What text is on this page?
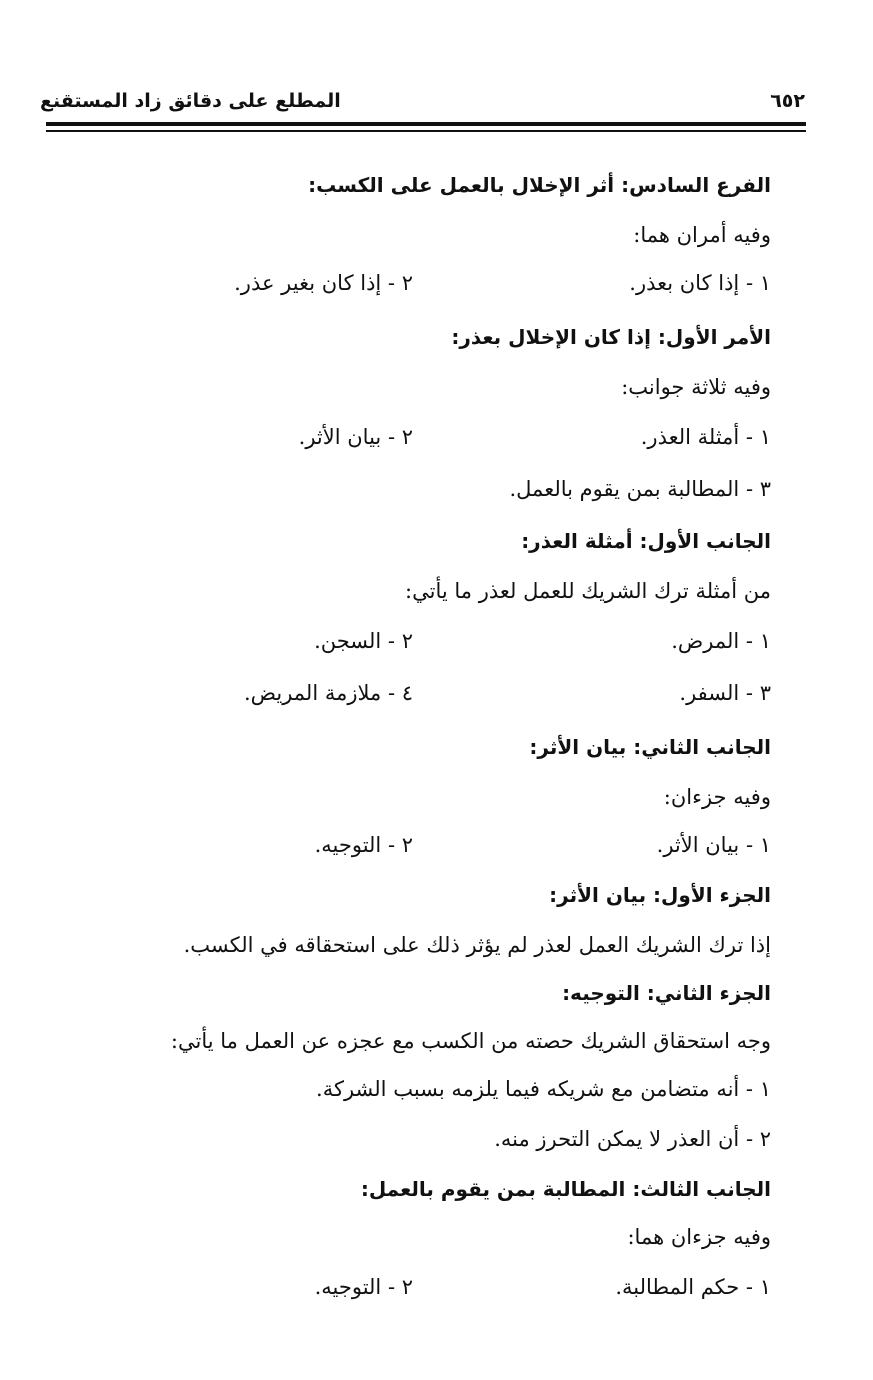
المطلع على دقائق زاد المستقنع	٦٥٢
الفرع السادس: أثر الإخلال بالعمل على الكسب:
وفيه أمران هما:
١ - إذا كان بعذر.
٢ - إذا كان بغير عذر.
الأمر الأول: إذا كان الإخلال بعذر:
وفيه ثلاثة جوانب:
١ - أمثلة العذر.
٢ - بيان الأثر.
٣ - المطالبة بمن يقوم بالعمل.
الجانب الأول: أمثلة العذر:
من أمثلة ترك الشريك للعمل لعذر ما يأتي:
١ - المرض.
٢ - السجن.
٣ - السفر.
٤ - ملازمة المريض.
الجانب الثاني: بيان الأثر:
وفيه جزءان:
١ - بيان الأثر.
٢ - التوجيه.
الجزء الأول: بيان الأثر:
إذا ترك الشريك العمل لعذر لم يؤثر ذلك على استحقاقه في الكسب.
الجزء الثاني: التوجيه:
وجه استحقاق الشريك حصته من الكسب مع عجزه عن العمل ما يأتي:
١ - أنه متضامن مع شريكه فيما يلزمه بسبب الشركة.
٢ - أن العذر لا يمكن التحرز منه.
الجانب الثالث: المطالبة بمن يقوم بالعمل:
وفيه جزءان هما:
١ - حكم المطالبة.
٢ - التوجيه.
